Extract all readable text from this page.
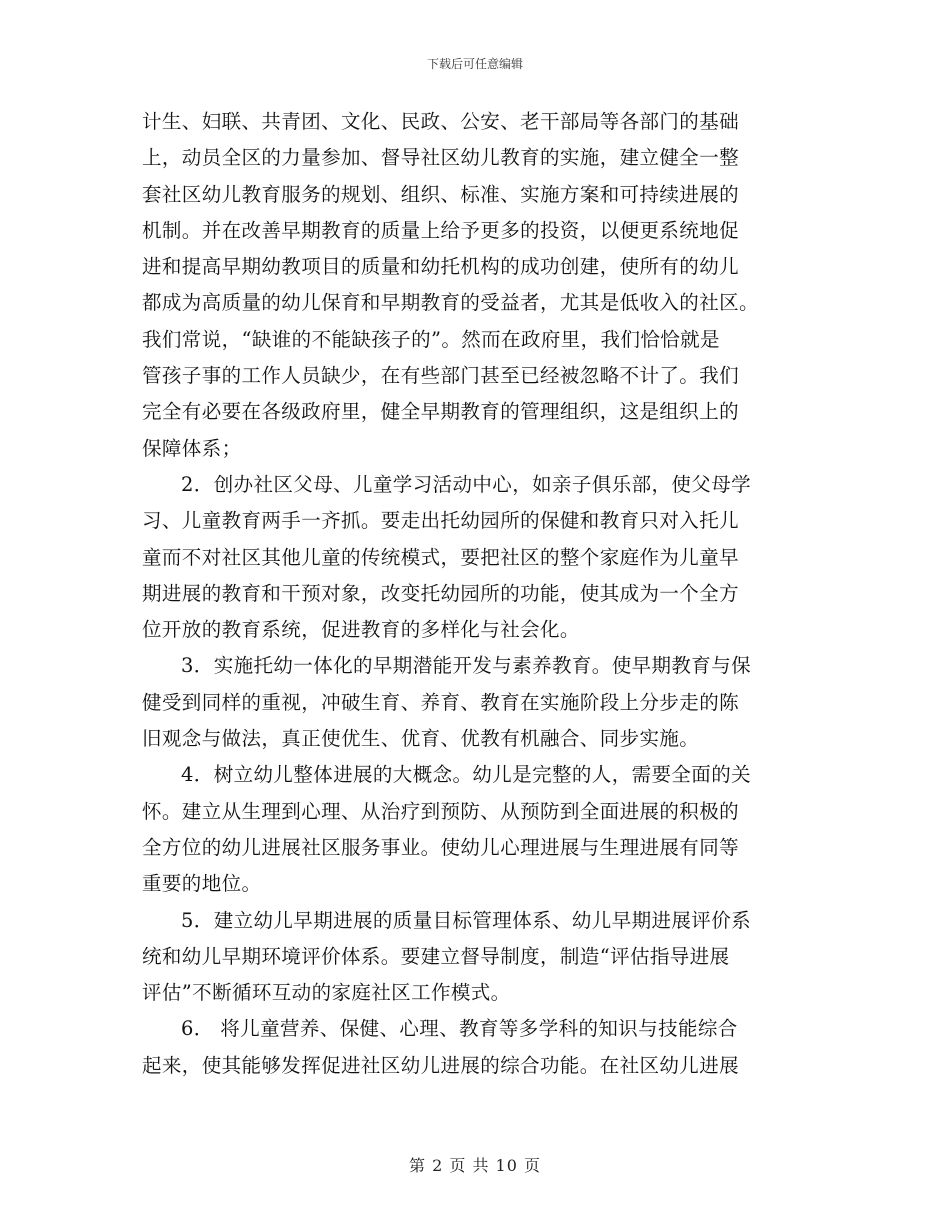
下载后可任意编辑
计生、妇联、共青团、文化、民政、公安、老干部局等各部门的基础
上，动员全区的力量参加、督导社区幼儿教育的实施，建立健全一整
套社区幼儿教育服务的规划、组织、标准、实施方案和可持续进展的
机制。并在改善早期教育的质量上给予更多的投资，以便更系统地促
进和提高早期幼教项目的质量和幼托机构的成功创建，使所有的幼儿
都成为高质量的幼儿保育和早期教育的受益者，尤其是低收入的社区。
我们常说，“缺谁的不能缺孩子的”。然而在政府里，我们恰恰就是
管孩子事的工作人员缺少，在有些部门甚至已经被忽略不计了。我们
完全有必要在各级政府里，健全早期教育的管理组织，这是组织上的
保障体系；
2．创办社区父母、儿童学习活动中心，如亲子俱乐部，使父母学
习、儿童教育两手一齐抓。要走出托幼园所的保健和教育只对入托儿
童而不对社区其他儿童的传统模式，要把社区的整个家庭作为儿童早
期进展的教育和干预对象，改变托幼园所的功能，使其成为一个全方
位开放的教育系统，促进教育的多样化与社会化。
3．实施托幼一体化的早期潜能开发与素养教育。使早期教育与保
健受到同样的重视，冲破生育、养育、教育在实施阶段上分步走的陈
旧观念与做法，真正使优生、优育、优教有机融合、同步实施。
4．树立幼儿整体进展的大概念。幼儿是完整的人，需要全面的关
怀。建立从生理到心理、从治疗到预防、从预防到全面进展的积极的
全方位的幼儿进展社区服务事业。使幼儿心理进展与生理进展有同等
重要的地位。
5．建立幼儿早期进展的质量目标管理体系、幼儿早期进展评价系
统和幼儿早期环境评价体系。要建立督导制度，制造“评估指导进展
评估”不断循环互动的家庭社区工作模式。
6． 将儿童营养、保健、心理、教育等多学科的知识与技能综合
起来，使其能够发挥促进社区幼儿进展的综合功能。在社区幼儿进展
第 2 页 共 10 页
